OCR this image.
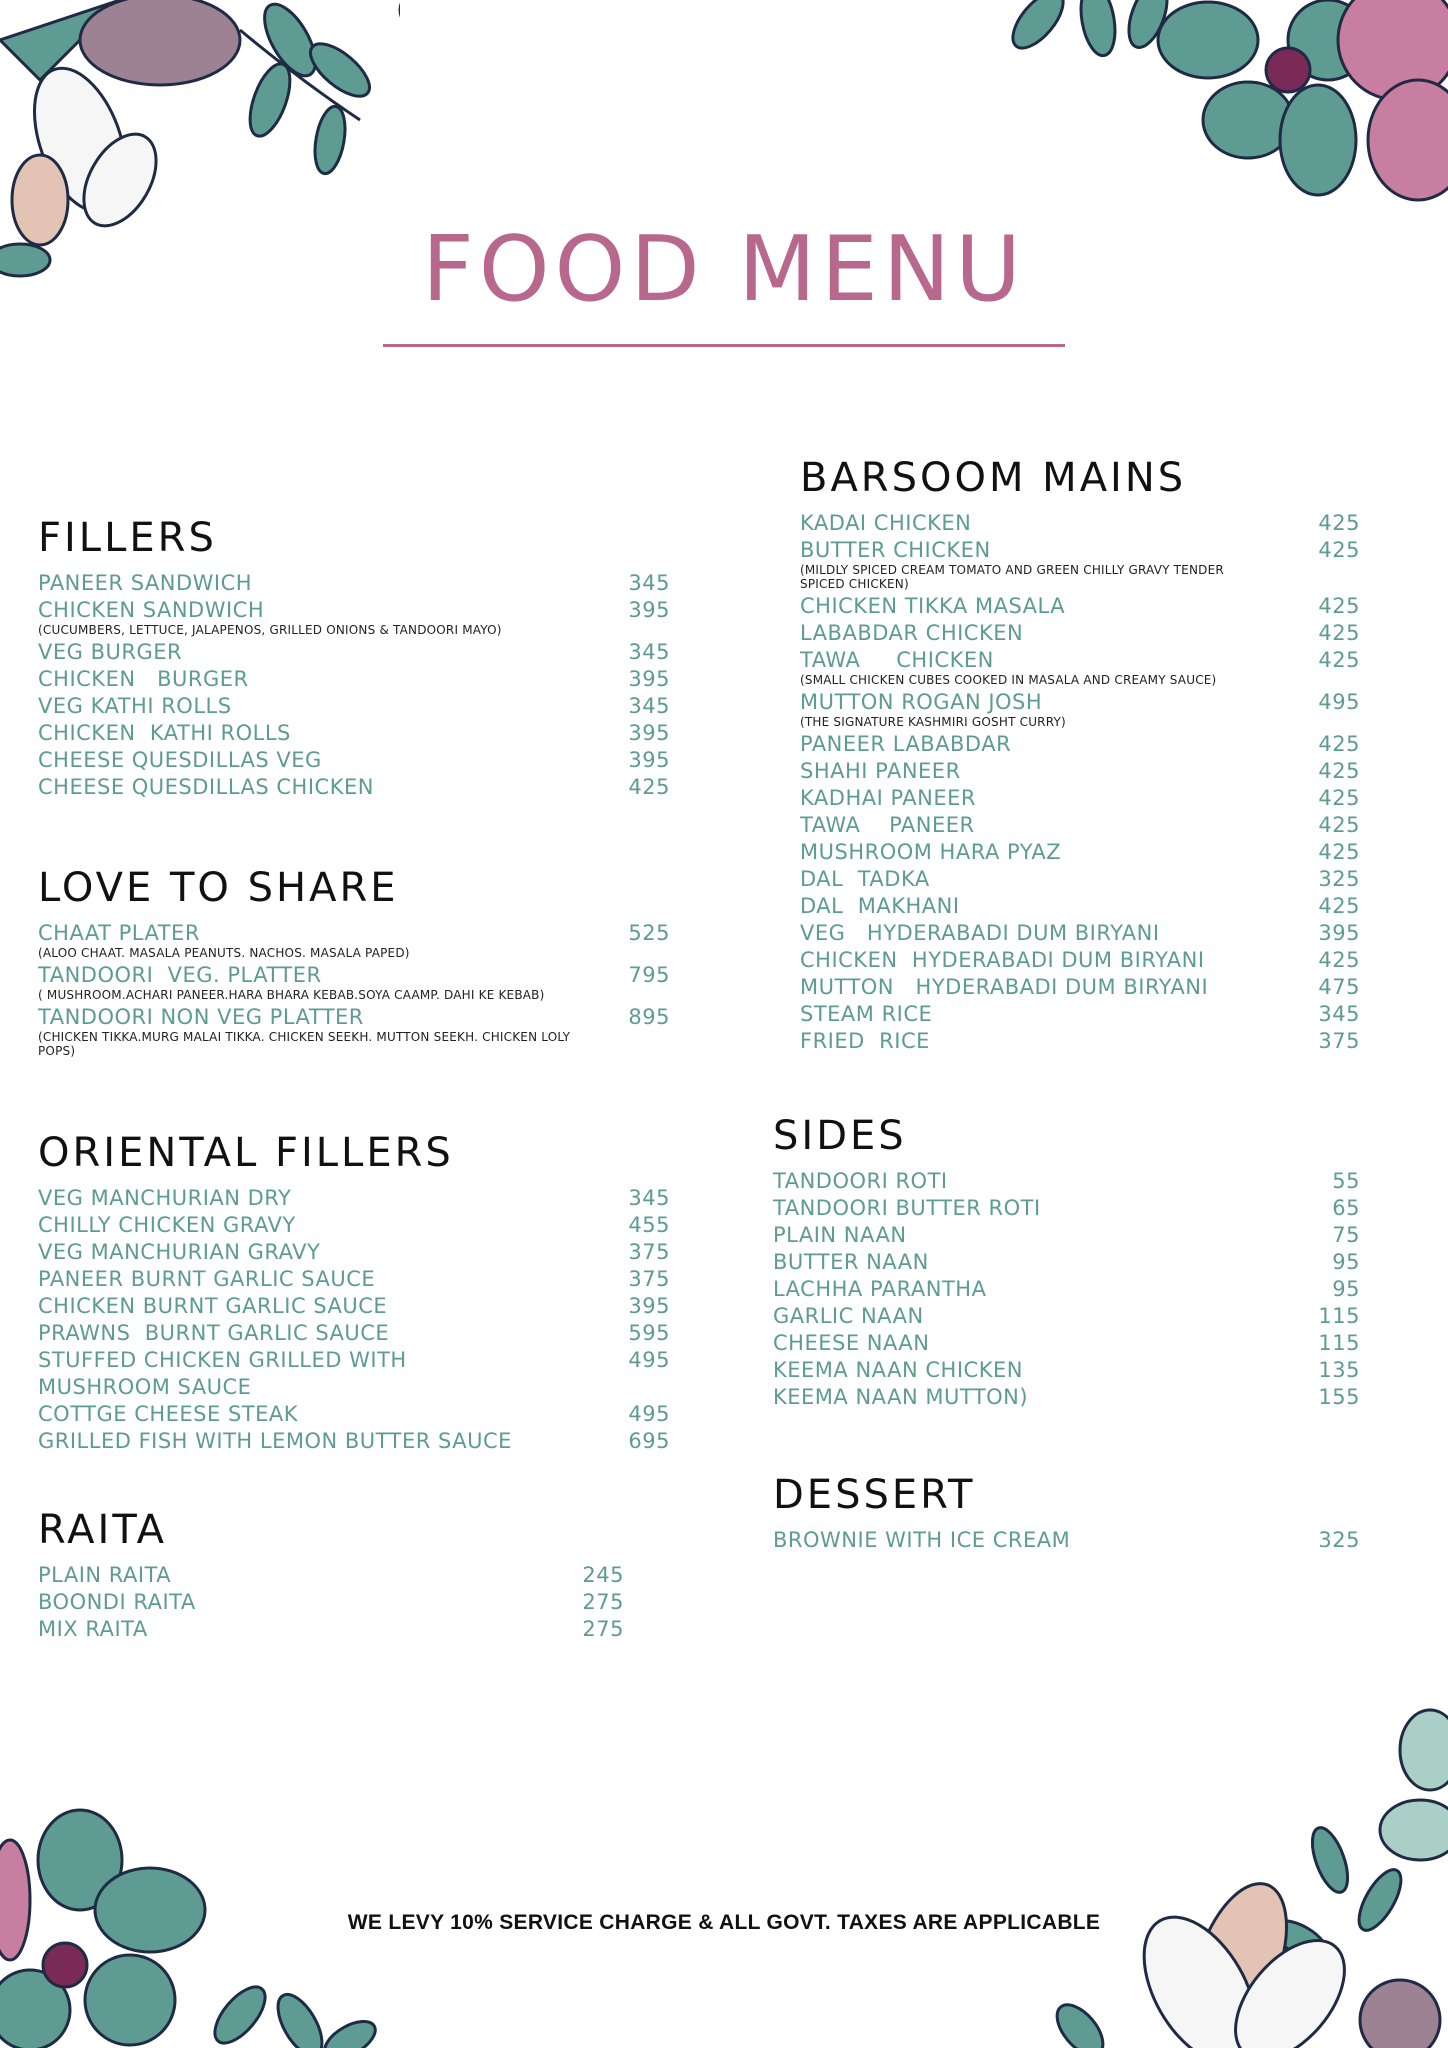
FOOD MENU
FILLERS
PANEER SANDWICH	345
CHICKEN SANDWICH	395
(CUCUMBERS, LETTUCE, JALAPENOS, GRILLED ONIONS & TANDOORI MAYO)
VEG BURGER	345
CHICKEN   BURGER	395
VEG KATHI ROLLS	345
CHICKEN  KATHI ROLLS	395
CHEESE QUESDILLAS VEG	395
CHEESE QUESDILLAS CHICKEN	425
LOVE TO SHARE
CHAAT PLATER	525
(ALOO CHAAT. MASALA PEANUTS. NACHOS. MASALA PAPED)
TANDOORI  VEG. PLATTER	795
( MUSHROOM.ACHARI PANEER.HARA BHARA KEBAB.SOYA CAAMP. DAHI KE KEBAB)
TANDOORI NON VEG PLATTER	895
(CHICKEN TIKKA.MURG MALAI TIKKA. CHICKEN SEEKH. MUTTON SEEKH. CHICKEN LOLY POPS)
ORIENTAL FILLERS
VEG MANCHURIAN DRY	345
CHILLY CHICKEN GRAVY	455
VEG MANCHURIAN GRAVY	375
PANEER BURNT GARLIC SAUCE	375
CHICKEN BURNT GARLIC SAUCE	395
PRAWNS  BURNT GARLIC SAUCE	595
STUFFED CHICKEN GRILLED WITH MUSHROOM SAUCE
495
COTTGE CHEESE STEAK	495
GRILLED FISH WITH LEMON BUTTER SAUCE	695
RAITA
PLAIN RAITA	245
BOONDI RAITA	275
MIX RAITA	275
BARSOOM MAINS
KADAI CHICKEN	425
BUTTER CHICKEN	425
(MILDLY SPICED CREAM TOMATO AND GREEN CHILLY GRAVY TENDER SPICED CHICKEN)
CHICKEN TIKKA MASALA	425
LABABDAR CHICKEN	425
TAWA     CHICKEN	425
(SMALL CHICKEN CUBES COOKED IN MASALA AND CREAMY SAUCE)
MUTTON ROGAN JOSH	495
(THE SIGNATURE KASHMIRI GOSHT CURRY)
PANEER LABABDAR	425
SHAHI PANEER	425
KADHAI PANEER	425
TAWA    PANEER	425
MUSHROOM HARA PYAZ	425
DAL  TADKA	325
DAL  MAKHANI	425
VEG   HYDERABADI DUM BIRYANI	395
CHICKEN  HYDERABADI DUM BIRYANI	425
MUTTON   HYDERABADI DUM BIRYANI	475
STEAM RICE	345
FRIED  RICE	375
SIDES
TANDOORI ROTI	55
TANDOORI BUTTER ROTI	65
PLAIN NAAN	75
BUTTER NAAN	95
LACHHA PARANTHA	95
GARLIC NAAN	115
CHEESE NAAN	115
KEEMA NAAN CHICKEN	135
KEEMA NAAN MUTTON)	155
DESSERT
BROWNIE WITH ICE CREAM	325
WE LEVY 10% SERVICE CHARGE & ALL GOVT. TAXES ARE APPLICABLE
